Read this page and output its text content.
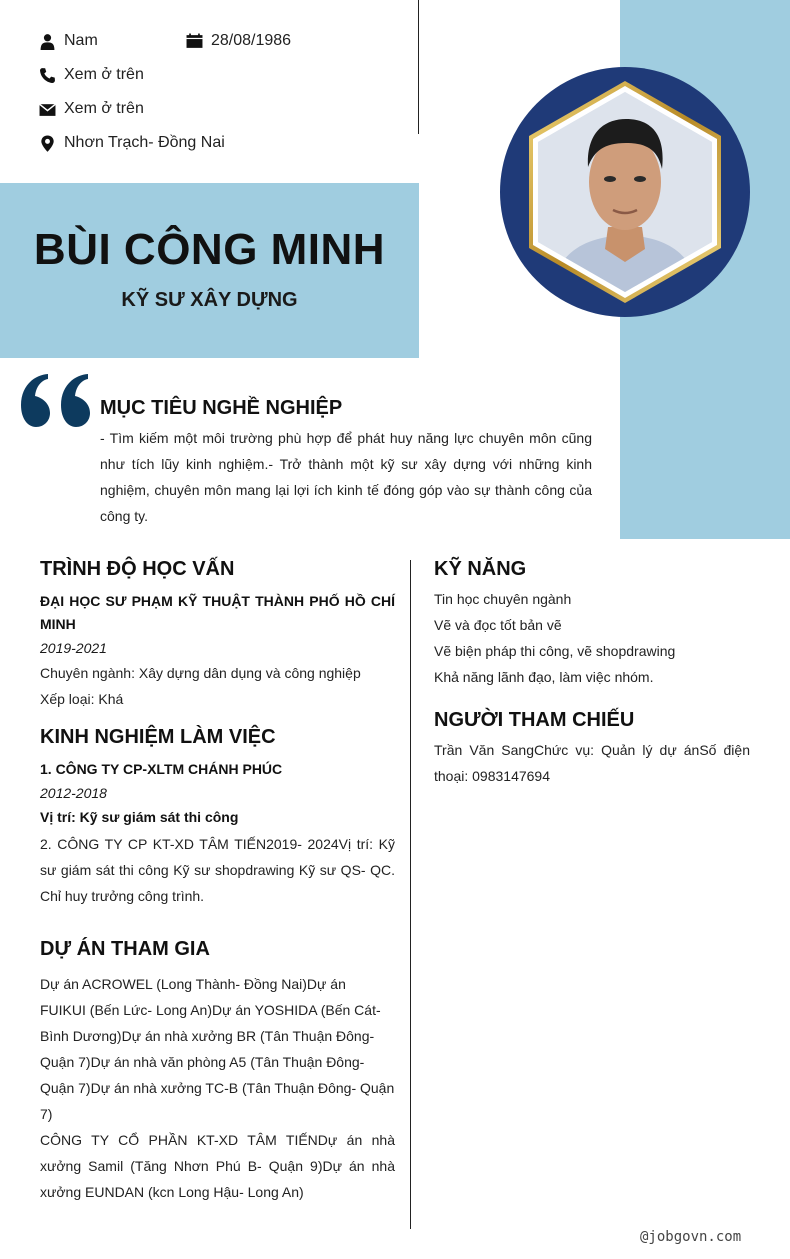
Nam	28/08/1986
Xem ở trên
Xem ở trên
Nhơn Trạch- Đồng Nai
BÙI CÔNG MINH
KỸ SƯ XÂY DỰNG
MỤC TIÊU NGHỀ NGHIỆP
- Tìm kiếm một môi trường phù hợp để phát huy năng lực chuyên môn cũng như tích lũy kinh nghiệm.- Trở thành một kỹ sư xây dựng với những kinh nghiệm, chuyên môn mang lại lợi ích kinh tế đóng góp vào sự thành công của công ty.
TRÌNH ĐỘ HỌC VẤN
ĐẠI HỌC SƯ PHẠM KỸ THUẬT THÀNH PHỐ HỒ CHÍ MINH
2019-2021
Chuyên ngành: Xây dựng dân dụng và công nghiệp
Xếp loại: Khá
KINH NGHIỆM LÀM VIỆC
1. CÔNG TY CP-XLTM CHÁNH PHÚC
2012-2018
Vị trí: Kỹ sư giám sát thi công
2. CÔNG TY CP KT-XD TÂM TIẾN2019- 2024Vị trí: Kỹ sư giám sát thi công Kỹ sư shopdrawing Kỹ sư QS- QC. Chỉ huy trưởng công trình.
DỰ ÁN THAM GIA
Dự án ACROWEL (Long Thành- Đồng Nai)Dự án FUIKUI (Bến Lức- Long An)Dự án YOSHIDA (Bến Cát- Bình Dương)Dự án nhà xưởng BR (Tân Thuận Đông- Quận 7)Dự án nhà văn phòng A5 (Tân Thuận Đông- Quận 7)Dự án nhà xưởng TC-B (Tân Thuận Đông- Quận 7)
CÔNG TY CỔ PHẦN KT-XD TÂM TIẾNDự án nhà xưởng Samil (Tăng Nhơn Phú B- Quận 9)Dự án nhà xưởng EUNDAN (kcn Long Hậu- Long An)
KỸ NĂNG
Tin học chuyên ngành
Vẽ và đọc tốt bản vẽ
Vẽ biện pháp thi công, vẽ shopdrawing
Khả năng lãnh đạo, làm việc nhóm.
NGƯỜI THAM CHIẾU
Trần Văn SangChức vụ: Quản lý dự ánSố điện thoại: 0983147694
@jobgovn.com
